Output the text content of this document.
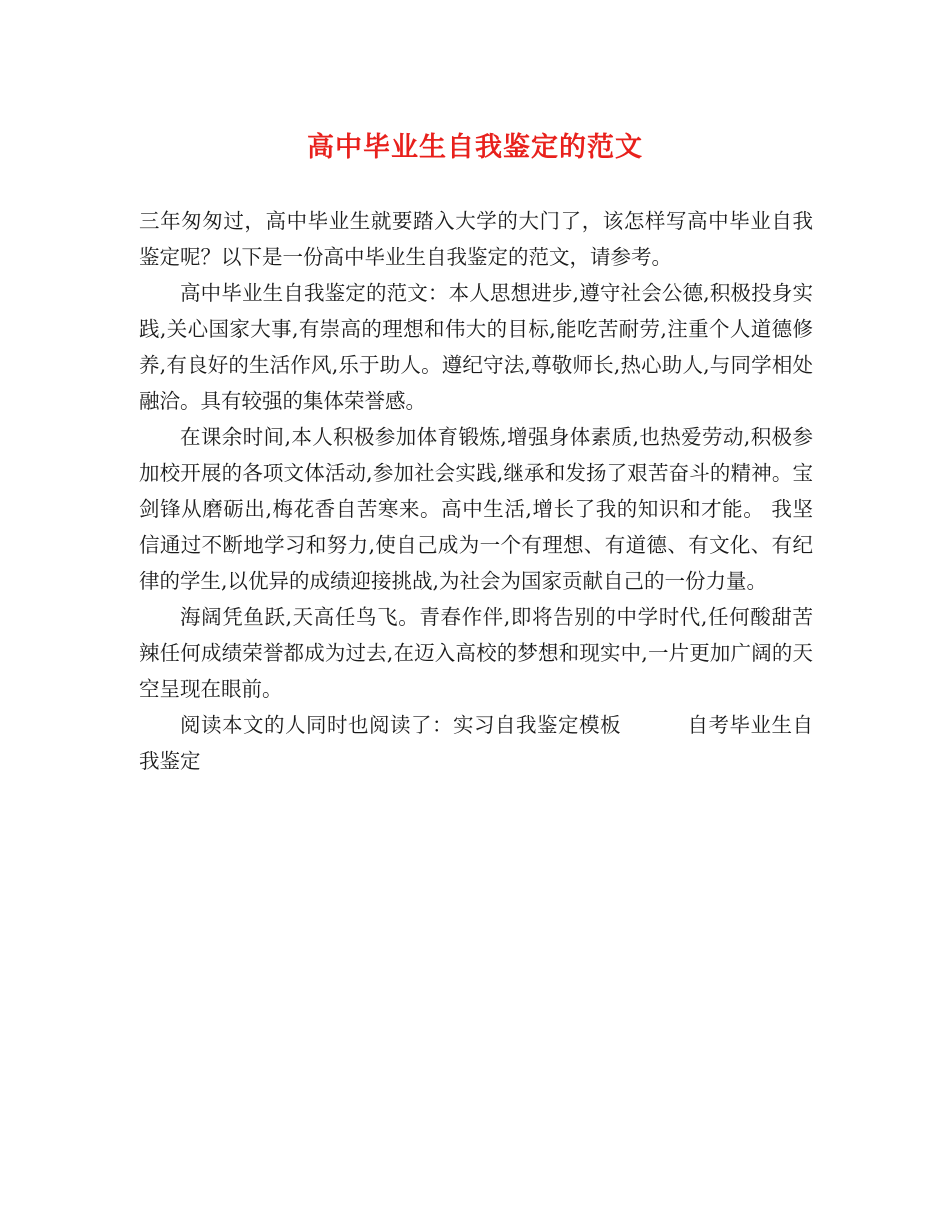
高中毕业生自我鉴定的范文

三年匆匆过，高中毕业生就要踏入大学的大门了，该怎样写高中毕业自我鉴定呢？以下是一份高中毕业生自我鉴定的范文，请参考。

高中毕业生自我鉴定的范文：本人思想进步,遵守社会公德,积极投身实践,关心国家大事,有崇高的理想和伟大的目标,能吃苦耐劳,注重个人道德修养,有良好的生活作风,乐于助人。遵纪守法,尊敬师长,热心助人,与同学相处融洽。具有较强的集体荣誉感。

在课余时间,本人积极参加体育锻炼,增强身体素质,也热爱劳动,积极参加校开展的各项文体活动,参加社会实践,继承和发扬了艰苦奋斗的精神。宝剑锋从磨砺出,梅花香自苦寒来。高中生活,增长了我的知识和才能。 我坚信通过不断地学习和努力,使自己成为一个有理想、有道德、有文化、有纪律的学生,以优异的成绩迎接挑战,为社会为国家贡献自己的一份力量。

海阔凭鱼跃,天高任鸟飞。青春作伴,即将告别的中学时代,任何酸甜苦辣任何成绩荣誉都成为过去,在迈入高校的梦想和现实中,一片更加广阔的天空呈现在眼前。

阅读本文的人同时也阅读了：实习自我鉴定模板	自考毕业生自我鉴定
